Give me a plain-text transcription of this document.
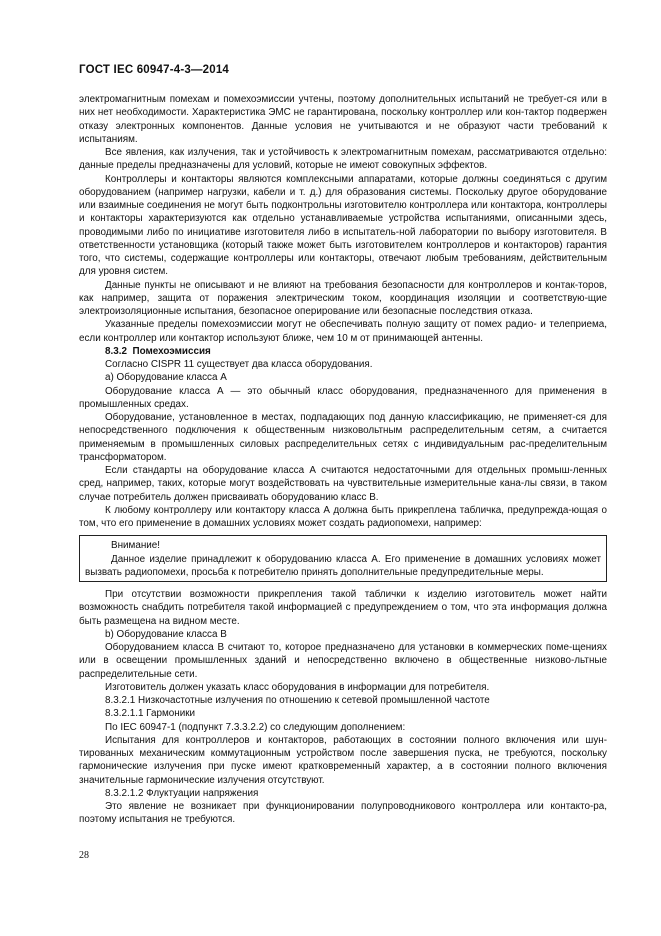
ГОСТ IEC 60947-4-3—2014

электромагнитным помехам и помехоэмиссии учтены, поэтому дополнительных испытаний не требует-ся или в них нет необходимости. Характеристика ЭМС не гарантирована, поскольку контроллер или кон-тактор подвержен отказу электронных компонентов. Данные условия не учитываются и не образуют части требований к испытаниям.

Все явления, как излучения, так и устойчивость к электромагнитным помехам, рассматриваются отдельно: данные пределы предназначены для условий, которые не имеют совокупных эффектов.

Контроллеры и контакторы являются комплексными аппаратами, которые должны соединяться с другим оборудованием (например нагрузки, кабели и т. д.) для образования системы. Поскольку другое оборудование или взаимные соединения не могут быть подконтрольны изготовителю контроллера или контактора, контроллеры и контакторы характеризуются как отдельно устанавливаемые устройства испытаниями, описанными здесь, проводимыми либо по инициативе изготовителя либо в испытатель-ной лаборатории по выбору изготовителя. В ответственности установщика (который также может быть изготовителем контроллеров и контакторов) гарантия того, что системы, содержащие контроллеры или контакторы, отвечают любым требованиям, действительным для уровня систем.

Данные пункты не описывают и не влияют на требования безопасности для контроллеров и контак-торов, как например, защита от поражения электрическим током, координация изоляции и соответствую-щие электроизоляционные испытания, безопасное оперирование или безопасные последствия отказа.

Указанные пределы помехоэмиссии могут не обеспечивать полную защиту от помех радио- и телеприема, если контроллер или контактор используют ближе, чем 10 м от принимающей антенны.

8.3.2 Помехоэмиссия

Согласно CISPR 11 существует два класса оборудования.

a) Оборудование класса А

Оборудование класса А — это обычный класс оборудования, предназначенного для применения в промышленных средах.

Оборудование, установленное в местах, подпадающих под данную классификацию, не применяет-ся для непосредственного подключения к общественным низковольтным распределительным сетям, а считается применяемым в промышленных силовых распределительных сетях с индивидуальным рас-пределительным трансформатором.

Если стандарты на оборудование класса А считаются недостаточными для отдельных промыш-ленных сред, например, таких, которые могут воздействовать на чувствительные измерительные кана-лы связи, в таком случае потребитель должен присваивать оборудованию класс В.

К любому контроллеру или контактору класса А должна быть прикреплена табличка, предупрежда-ющая о том, что его применение в домашних условиях может создать радиопомехи, например:

Внимание!

Данное изделие принадлежит к оборудованию класса А. Его применение в домашних условиях может вызвать радиопомехи, просьба к потребителю принять дополнительные предупредительные меры.

При отсутствии возможности прикрепления такой таблички к изделию изготовитель может найти возможность снабдить потребителя такой информацией с предупреждением о том, что эта информация должна быть размещена на видном месте.

b) Оборудование класса В

Оборудованием класса В считают то, которое предназначено для установки в коммерческих поме-щениях или в освещении промышленных зданий и непосредственно включено в общественные низково-льтные распределительные сети.

Изготовитель должен указать класс оборудования в информации для потребителя.

8.3.2.1 Низкочастотные излучения по отношению к сетевой промышленной частоте

8.3.2.1.1 Гармоники

По IEC 60947-1 (подпункт 7.3.3.2.2) со следующим дополнением:

Испытания для контроллеров и контакторов, работающих в состоянии полного включения или шун-тированных механическим коммутационным устройством после завершения пуска, не требуются, поскольку гармонические излучения при пуске имеют кратковременный характер, а в состоянии полного включения значительные гармонические излучения отсутствуют.

8.3.2.1.2 Флуктуации напряжения

Это явление не возникает при функционировании полупроводникового контроллера или контакто-ра, поэтому испытания не требуются.

28
